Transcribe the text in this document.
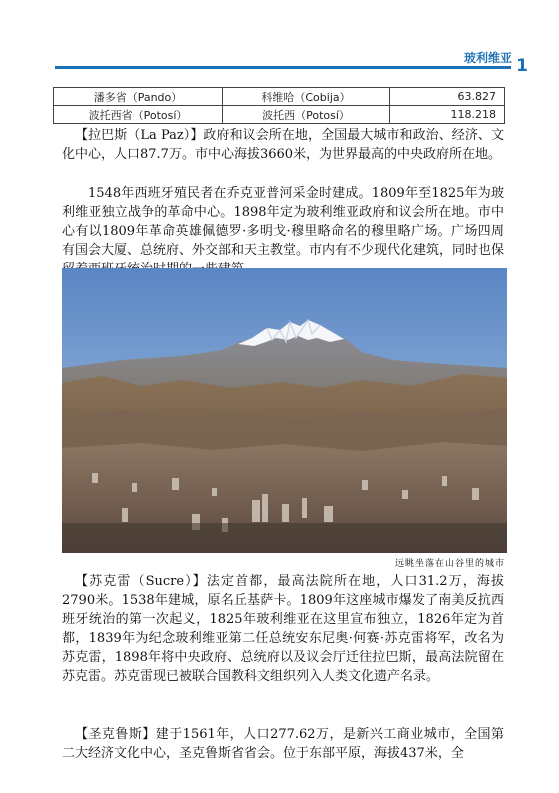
玻利维亚 1
潘多省（Pando）	科维哈（Cobija）	63.827
波托西省（Potosí）	波托西（Potosí）	118.218

【拉巴斯（La Paz）】政府和议会所在地，全国最大城市和政治、经济、文化中心，人口87.7万。市中心海拔3660米，为世界最高的中央政府所在地。

1548年西班牙殖民者在乔克亚普河采金时建成。1809年至1825年为玻利维亚独立战争的革命中心。1898年定为玻利维亚政府和议会所在地。市中心有以1809年革命英雄佩德罗·多明戈·穆里略命名的穆里略广场。广场四周有国会大厦、总统府、外交部和天主教堂。市内有不少现代化建筑，同时也保

远眺坐落在山谷里的城市

【苏克雷（Sucre）】法定首都，最高法院所在地，人口31.2万，海拔2790米。1538年建城，原名丘基萨卡。1809年这座城市爆发了南美反抗西班牙统治的第一次起义，1825年玻利维亚在这里宣布独立，1826年定为首都，1839年为纪念玻利维亚第二任总统安东尼奥·何赛·苏克雷将军，改名为苏克雷，1898年将中央政府、总统府以及议会厅迁往拉巴斯，最高法院留在苏克雷。苏克雷现已被联合国教科文组织列入人类文化遗产名录。

【圣克鲁斯】建于1561年，人口277.62万，是新兴工商业城市，全国第二大经济文化中心，圣克鲁斯省省会。位于东部平原，海拔437米，全
